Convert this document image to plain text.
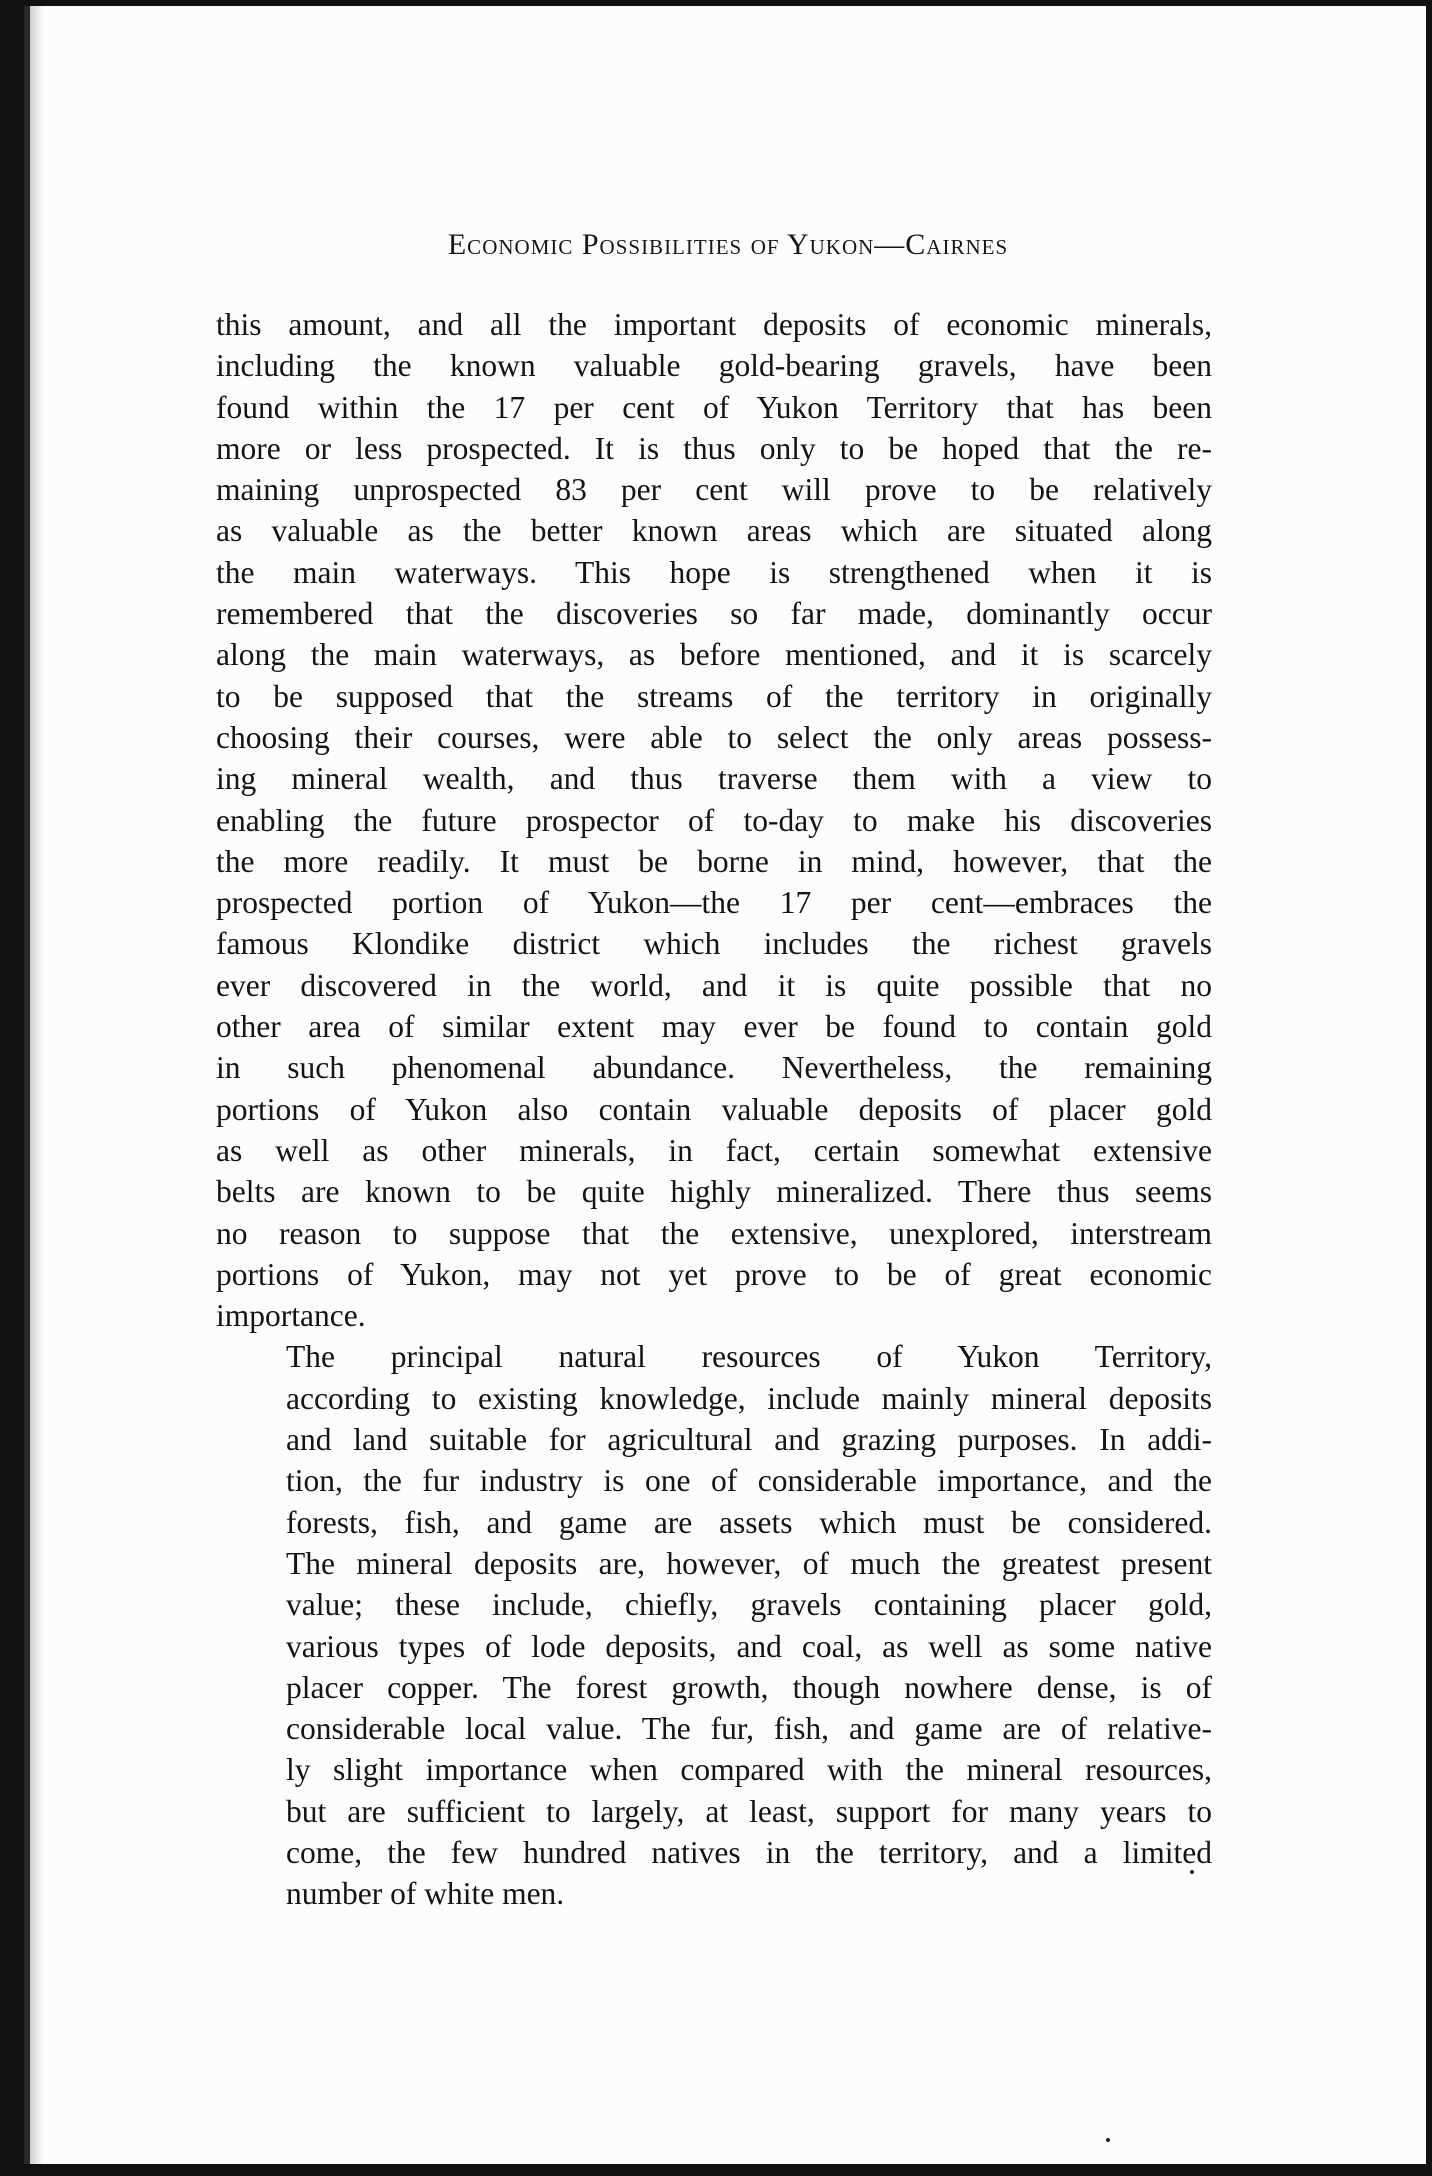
Economic Possibilities of Yukon—Cairnes

this amount, and all the important deposits of economic minerals,
including the known valuable gold-bearing gravels, have been
found within the 17 per cent of Yukon Territory that has been
more or less prospected. It is thus only to be hoped that the re-
maining unprospected 83 per cent will prove to be relatively
as valuable as the better known areas which are situated along
the main waterways. This hope is strengthened when it is
remembered that the discoveries so far made, dominantly occur
along the main waterways, as before mentioned, and it is scarcely
to be supposed that the streams of the territory in originally
choosing their courses, were able to select the only areas possess-
ing mineral wealth, and thus traverse them with a view to
enabling the future prospector of to-day to make his discoveries
the more readily. It must be borne in mind, however, that the
prospected portion of Yukon—the 17 per cent—embraces the
famous Klondike district which includes the richest gravels
ever discovered in the world, and it is quite possible that no
other area of similar extent may ever be found to contain gold
in such phenomenal abundance. Nevertheless, the remaining
portions of Yukon also contain valuable deposits of placer gold
as well as other minerals, in fact, certain somewhat extensive
belts are known to be quite highly mineralized. There thus seems
no reason to suppose that the extensive, unexplored, interstream
portions of Yukon, may not yet prove to be of great economic
importance.

The principal natural resources of Yukon Territory,
according to existing knowledge, include mainly mineral deposits
and land suitable for agricultural and grazing purposes. In addi-
tion, the fur industry is one of considerable importance, and the
forests, fish, and game are assets which must be considered.
The mineral deposits are, however, of much the greatest present
value; these include, chiefly, gravels containing placer gold,
various types of lode deposits, and coal, as well as some native
placer copper. The forest growth, though nowhere dense, is of
considerable local value. The fur, fish, and game are of relative-
ly slight importance when compared with the mineral resources,
but are sufficient to largely, at least, support for many years to
come, the few hundred natives in the territory, and a limited
number of white men.
